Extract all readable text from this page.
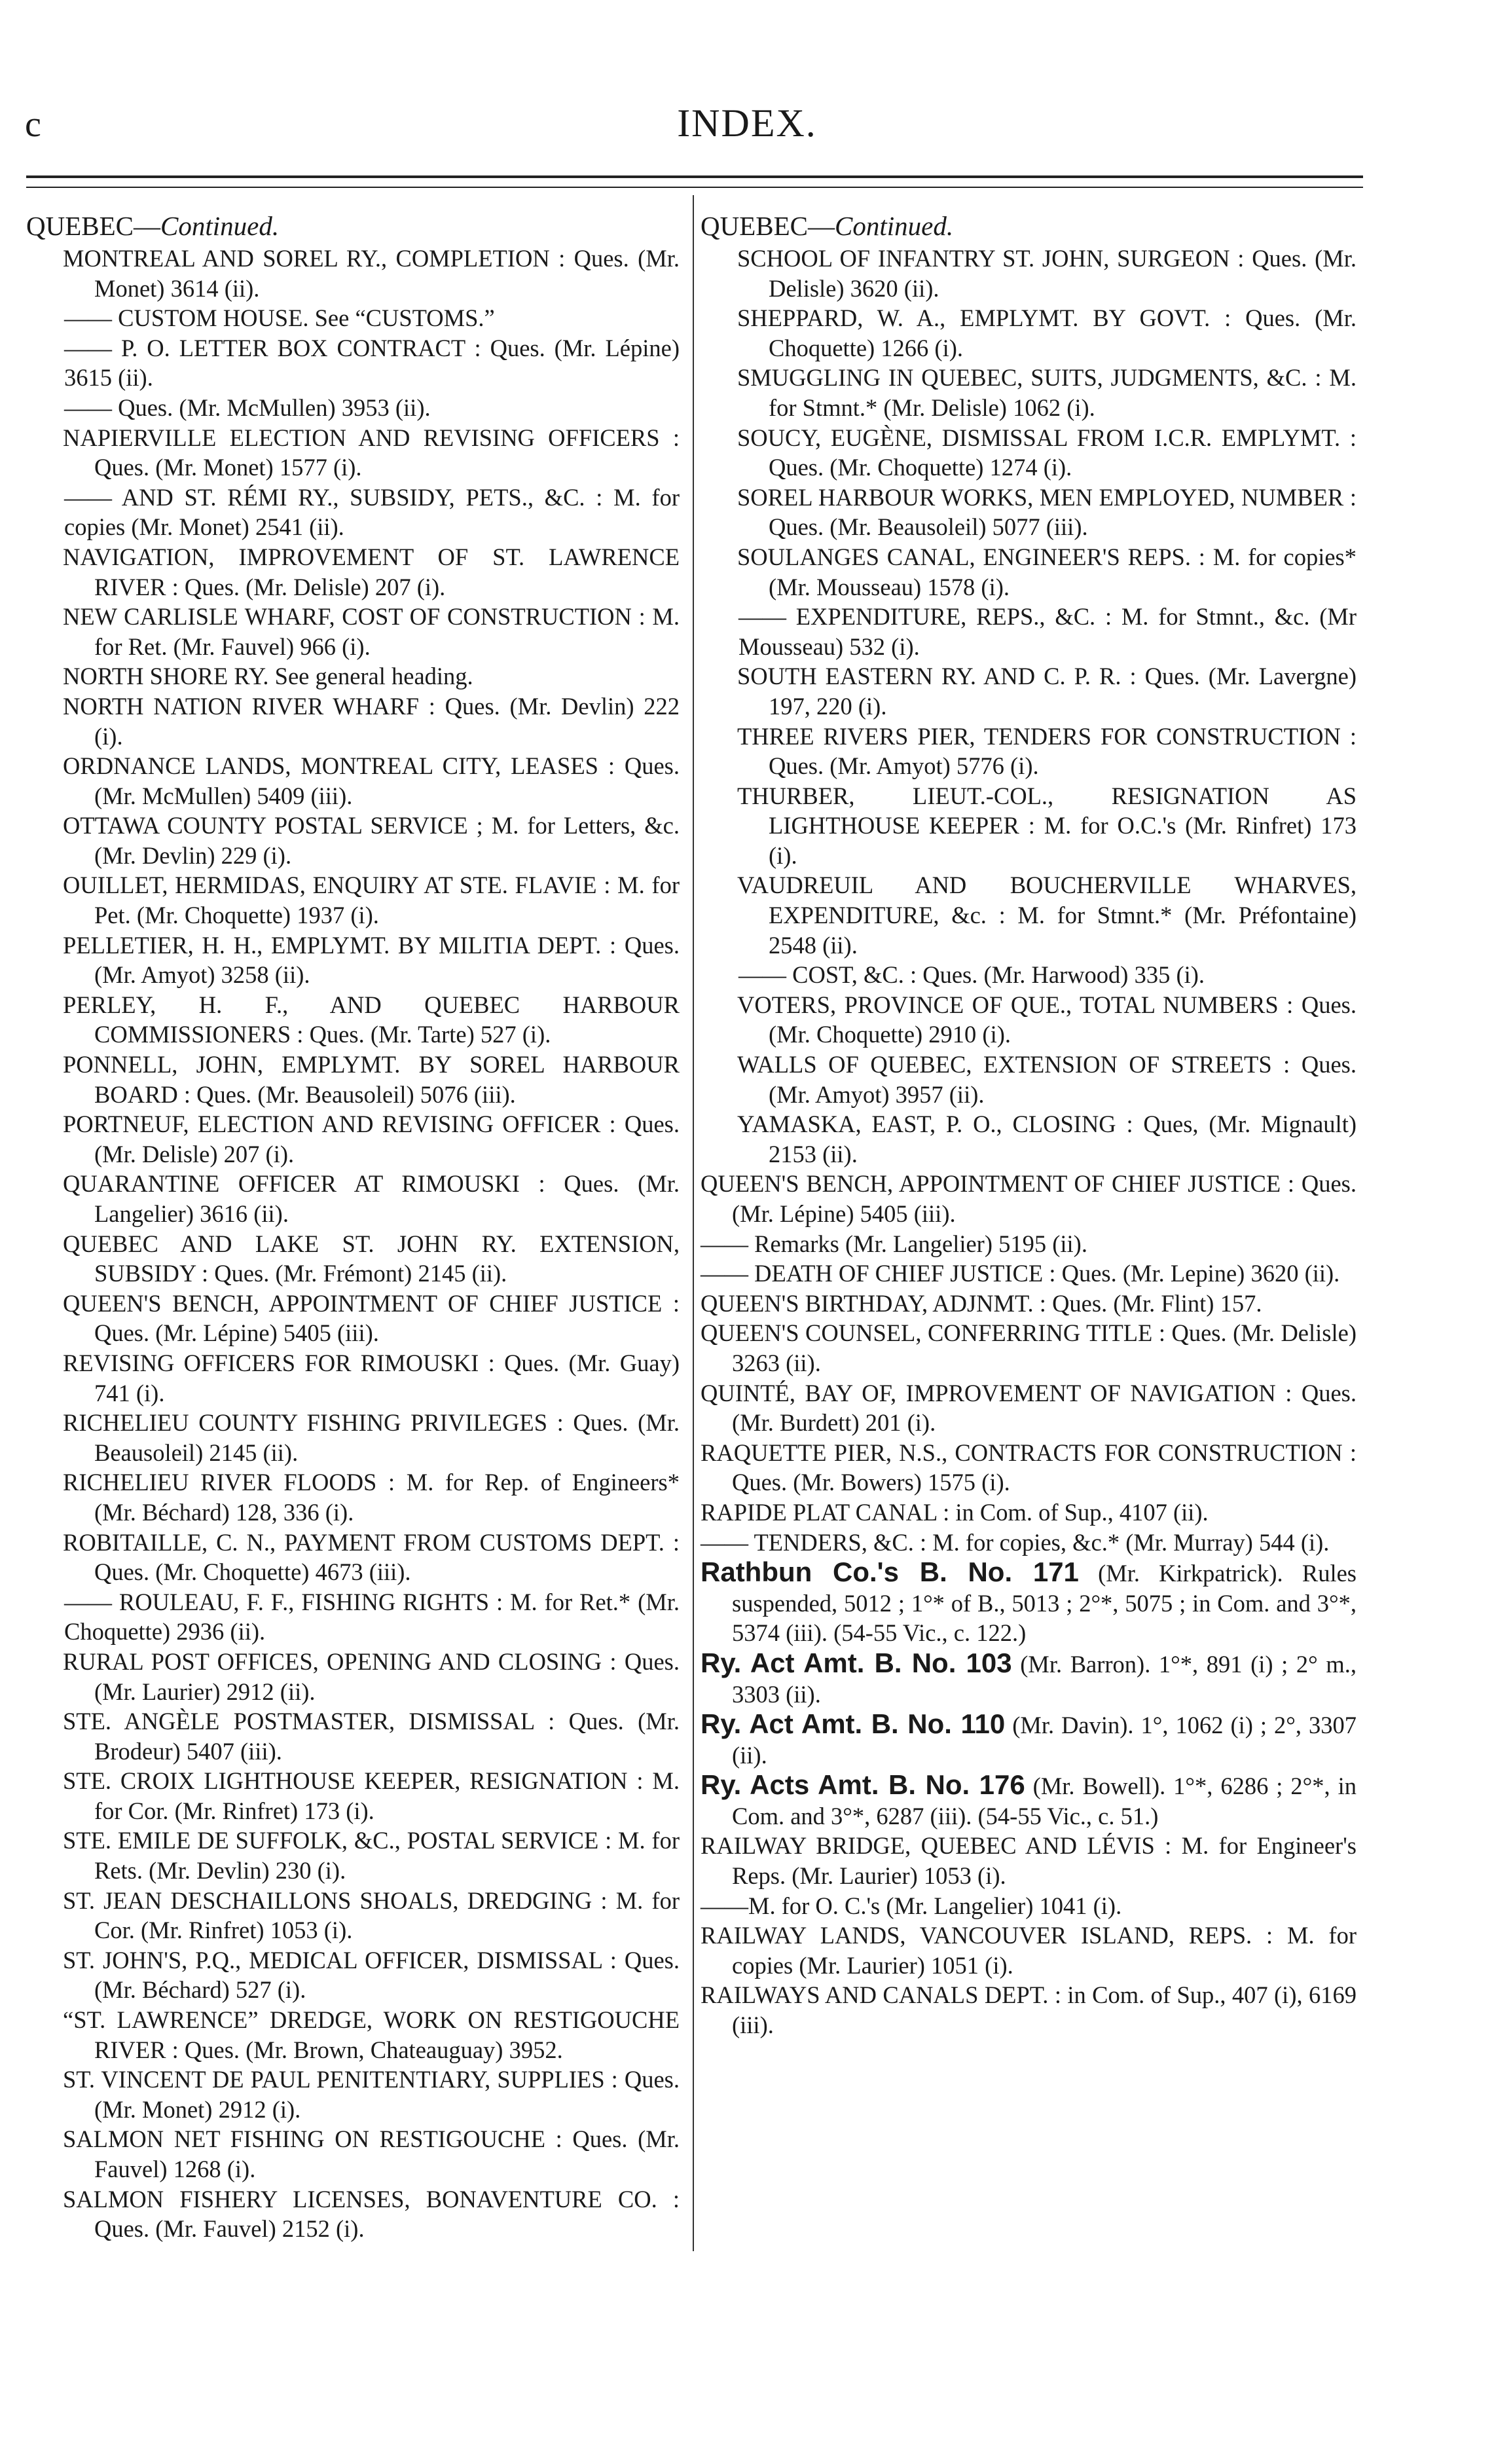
c	INDEX.

QUEBEC—Continued.

MONTREAL AND SOREL RY., COMPLETION : Ques. (Mr. Monet) 3614 (ii).

—— CUSTOM HOUSE. See “CUSTOMS.”

—— P. O. LETTER BOX CONTRACT : Ques. (Mr. Lépine) 3615 (ii).

—— Ques. (Mr. McMullen) 3953 (ii).

NAPIERVILLE ELECTION AND REVISING OFFICERS : Ques. (Mr. Monet) 1577 (i).

—— AND ST. RÉMI RY., SUBSIDY, PETS., &C. : M. for copies (Mr. Monet) 2541 (ii).

NAVIGATION, IMPROVEMENT OF ST. LAWRENCE RIVER : Ques. (Mr. Delisle) 207 (i).

NEW CARLISLE WHARF, COST OF CONSTRUCTION : M. for Ret. (Mr. Fauvel) 966 (i).

NORTH SHORE RY. See general heading.

NORTH NATION RIVER WHARF : Ques. (Mr. Devlin) 222 (i).

ORDNANCE LANDS, MONTREAL CITY, LEASES : Ques. (Mr. McMullen) 5409 (iii).

OTTAWA COUNTY POSTAL SERVICE ; M. for Letters, &c. (Mr. Devlin) 229 (i).

OUILLET, HERMIDAS, ENQUIRY AT STE. FLAVIE : M. for Pet. (Mr. Choquette) 1937 (i).

PELLETIER, H. H., EMPLYMT. BY MILITIA DEPT. : Ques. (Mr. Amyot) 3258 (ii).

PERLEY, H. F., AND QUEBEC HARBOUR COMMISSIONERS : Ques. (Mr. Tarte) 527 (i).

PONNELL, JOHN, EMPLYMT. BY SOREL HARBOUR BOARD : Ques. (Mr. Beausoleil) 5076 (iii).

PORTNEUF, ELECTION AND REVISING OFFICER : Ques. (Mr. Delisle) 207 (i).

QUARANTINE OFFICER AT RIMOUSKI : Ques. (Mr. Langelier) 3616 (ii).

QUEBEC AND LAKE ST. JOHN RY. EXTENSION, SUBSIDY : Ques. (Mr. Frémont) 2145 (ii).

QUEEN'S BENCH, APPOINTMENT OF CHIEF JUSTICE : Ques. (Mr. Lépine) 5405 (iii).

REVISING OFFICERS FOR RIMOUSKI : Ques. (Mr. Guay) 741 (i).

RICHELIEU COUNTY FISHING PRIVILEGES : Ques. (Mr. Beausoleil) 2145 (ii).

RICHELIEU RIVER FLOODS : M. for Rep. of Engineers* (Mr. Béchard) 128, 336 (i).

ROBITAILLE, C. N., PAYMENT FROM CUSTOMS DEPT. : Ques. (Mr. Choquette) 4673 (iii).

—— ROULEAU, F. F., FISHING RIGHTS : M. for Ret.* (Mr. Choquette) 2936 (ii).

RURAL POST OFFICES, OPENING AND CLOSING : Ques. (Mr. Laurier) 2912 (ii).

STE. ANGÈLE POSTMASTER, DISMISSAL : Ques. (Mr. Brodeur) 5407 (iii).

STE. CROIX LIGHTHOUSE KEEPER, RESIGNATION : M. for Cor. (Mr. Rinfret) 173 (i).

STE. EMILE DE SUFFOLK, &C., POSTAL SERVICE : M. for Rets. (Mr. Devlin) 230 (i).

ST. JEAN DESCHAILLONS SHOALS, DREDGING : M. for Cor. (Mr. Rinfret) 1053 (i).

ST. JOHN'S, P.Q., MEDICAL OFFICER, DISMISSAL : Ques. (Mr. Béchard) 527 (i).

“ST. LAWRENCE” DREDGE, WORK ON RESTIGOUCHE RIVER : Ques. (Mr. Brown, Chateauguay) 3952.

ST. VINCENT DE PAUL PENITENTIARY, SUPPLIES : Ques. (Mr. Monet) 2912 (i).

SALMON NET FISHING ON RESTIGOUCHE : Ques. (Mr. Fauvel) 1268 (i).

SALMON FISHERY LICENSES, BONAVENTURE CO. : Ques. (Mr. Fauvel) 2152 (i).

QUEBEC—Continued.

SCHOOL OF INFANTRY ST. JOHN, SURGEON : Ques. (Mr. Delisle) 3620 (ii).

SHEPPARD, W. A., EMPLYMT. BY GOVT. : Ques. (Mr. Choquette) 1266 (i).

SMUGGLING IN QUEBEC, SUITS, JUDGMENTS, &C. : M. for Stmnt.* (Mr. Delisle) 1062 (i).

SOUCY, EUGÈNE, DISMISSAL FROM I.C.R. EMPLYMT. : Ques. (Mr. Choquette) 1274 (i).

SOREL HARBOUR WORKS, MEN EMPLOYED, NUMBER : Ques. (Mr. Beausoleil) 5077 (iii).

SOULANGES CANAL, ENGINEER'S REPS. : M. for copies* (Mr. Mousseau) 1578 (i).

—— EXPENDITURE, REPS., &C. : M. for Stmnt., &c. (Mr Mousseau) 532 (i).

SOUTH EASTERN RY. AND C. P. R. : Ques. (Mr. Lavergne) 197, 220 (i).

THREE RIVERS PIER, TENDERS FOR CONSTRUCTION : Ques. (Mr. Amyot) 5776 (i).

THURBER, LIEUT.-COL., RESIGNATION AS LIGHTHOUSE KEEPER : M. for O.C.'s (Mr. Rinfret) 173 (i).

VAUDREUIL AND BOUCHERVILLE WHARVES, EXPENDITURE, &c. : M. for Stmnt.* (Mr. Préfontaine) 2548 (ii).

—— COST, &C. : Ques. (Mr. Harwood) 335 (i).

VOTERS, PROVINCE OF QUE., TOTAL NUMBERS : Ques. (Mr. Choquette) 2910 (i).

WALLS OF QUEBEC, EXTENSION OF STREETS : Ques. (Mr. Amyot) 3957 (ii).

YAMASKA, EAST, P. O., CLOSING : Ques, (Mr. Mignault) 2153 (ii).

QUEEN'S BENCH, APPOINTMENT OF CHIEF JUSTICE : Ques. (Mr. Lépine) 5405 (iii).

—— Remarks (Mr. Langelier) 5195 (ii).

—— DEATH OF CHIEF JUSTICE : Ques. (Mr. Lepine) 3620 (ii).

QUEEN'S BIRTHDAY, ADJNMT. : Ques. (Mr. Flint) 157.

QUEEN'S COUNSEL, CONFERRING TITLE : Ques. (Mr. Delisle) 3263 (ii).

QUINTÉ, BAY OF, IMPROVEMENT OF NAVIGATION : Ques. (Mr. Burdett) 201 (i).

RAQUETTE PIER, N.S., CONTRACTS FOR CONSTRUCTION : Ques. (Mr. Bowers) 1575 (i).

RAPIDE PLAT CANAL : in Com. of Sup., 4107 (ii).

—— TENDERS, &C. : M. for copies, &c.* (Mr. Murray) 544 (i).

Rathbun Co.'s B. No. 171 (Mr. Kirkpatrick). Rules suspended, 5012 ; 1°* of B., 5013 ; 2°*, 5075 ; in Com. and 3°*, 5374 (iii). (54-55 Vic., c. 122.)

Ry. Act Amt. B. No. 103 (Mr. Barron). 1°*, 891 (i) ; 2° m., 3303 (ii).

Ry. Act Amt. B. No. 110 (Mr. Davin). 1°, 1062 (i) ; 2°, 3307 (ii).

Ry. Acts Amt. B. No. 176 (Mr. Bowell). 1°*, 6286 ; 2°*, in Com. and 3°*, 6287 (iii). (54-55 Vic., c. 51.)

RAILWAY BRIDGE, QUEBEC AND LÉVIS : M. for Engineer's Reps. (Mr. Laurier) 1053 (i).

——M. for O. C.'s (Mr. Langelier) 1041 (i).

RAILWAY LANDS, VANCOUVER ISLAND, REPS. : M. for copies (Mr. Laurier) 1051 (i).

RAILWAYS AND CANALS DEPT. : in Com. of Sup., 407 (i), 6169 (iii).
